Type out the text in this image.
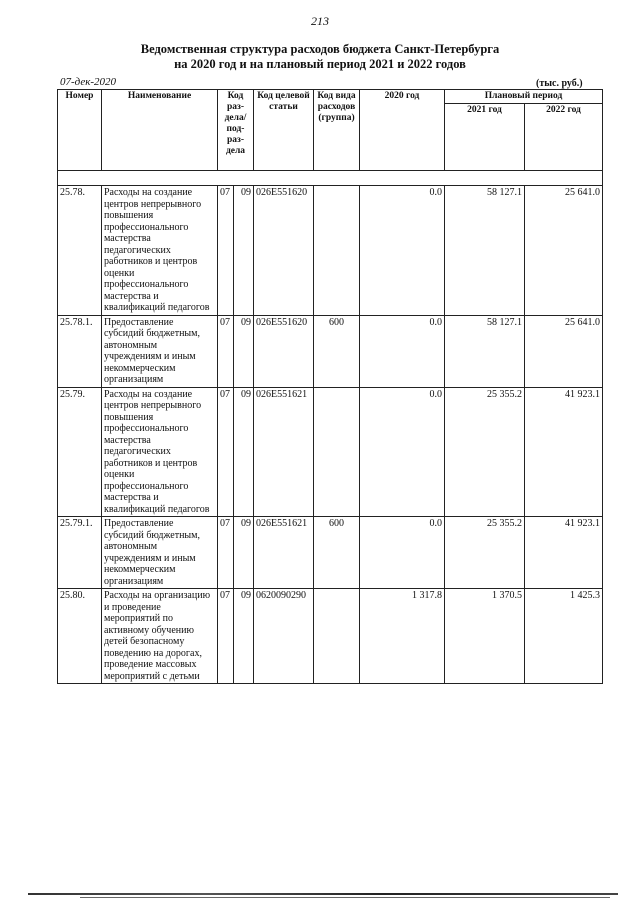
213
Ведомственная структура расходов бюджета Санкт-Петербурга
на 2020 год и на плановый период 2021 и 2022 годов
07-дек-2020	(тыс. руб.)
Номер	Наименование	Код раз- дела/ под- раз- дела		Код целевой статьи	Код вида расходов (группа)	2020 год	Плановый период	
							2021 год	2022 год

25.78.	Расходы на создание центров непрерывного повышения профессионального мастерства педагогических работников и центров оценки профессионального мастерства и квалификаций педагогов	07	09	026E551620		0.0	58 127.1	25 641.0
25.78.1.	Предоставление субсидий бюджетным, автономным учреждениям и иным некоммерческим организациям	07	09	026E551620	600	0.0	58 127.1	25 641.0
25.79.	Расходы на создание центров непрерывного повышения профессионального мастерства педагогических работников и центров оценки профессионального мастерства и квалификаций педагогов	07	09	026E551621		0.0	25 355.2	41 923.1
25.79.1.	Предоставление субсидий бюджетным, автономным учреждениям и иным некоммерческим организациям	07	09	026E551621	600	0.0	25 355.2	41 923.1
25.80.	Расходы на организацию и проведение мероприятий по активному обучению детей безопасному поведению на дорогах, проведение массовых мероприятий с детьми	07	09	0620090290		1 317.8	1 370.5	1 425.3
